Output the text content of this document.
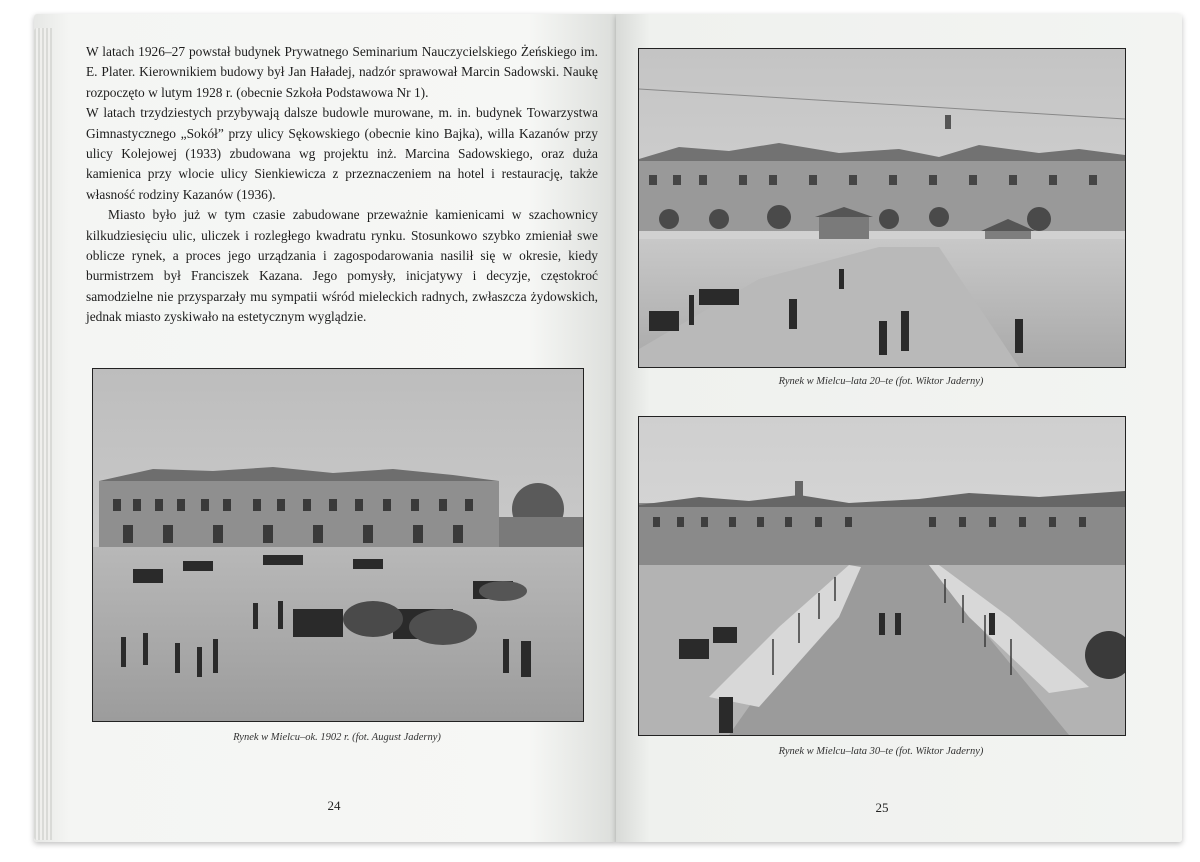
W latach 1926–27 powstał budynek Prywatnego Seminarium Nauczycielskiego Żeńskiego im. E. Plater. Kierownikiem budowy był Jan Haładej, nadzór sprawował Marcin Sadowski. Naukę rozpoczęto w lutym 1928 r. (obecnie Szkoła Podstawowa Nr 1).

W latach trzydziestych przybywają dalsze budowle murowane, m. in. budynek Towarzystwa Gimnastycznego „Sokół” przy ulicy Sękowskiego (obecnie kino Bajka), willa Kazanów przy ulicy Kolejowej (1933) zbudowana wg projektu inż. Marcina Sadowskiego, oraz duża kamienica przy wlocie ulicy Sienkiewicza z przeznaczeniem na hotel i restaurację, także własność rodziny Kazanów (1936).

Miasto było już w tym czasie zabudowane przeważnie kamienicami w szachownicy kilkudziesięciu ulic, uliczek i rozległego kwadratu rynku. Stosunkowo szybko zmieniał swe oblicze rynek, a proces jego urządzania i zagospodarowania nasilił się w okresie, kiedy burmistrzem był Franciszek Kazana. Jego pomysły, inicjatywy i decyzje, częstokroć samodzielne nie przysparzały mu sympatii wśród mieleckich radnych, zwłaszcza żydowskich, jednak miasto zyskiwało na estetycznym wyglądzie.

Rynek w Mielcu–ok. 1902 r. (fot. August Jaderny)
24
Rynek w Mielcu–lata 20–te (fot. Wiktor Jaderny)
Rynek w Mielcu–lata 30–te (fot. Wiktor Jaderny)
25
